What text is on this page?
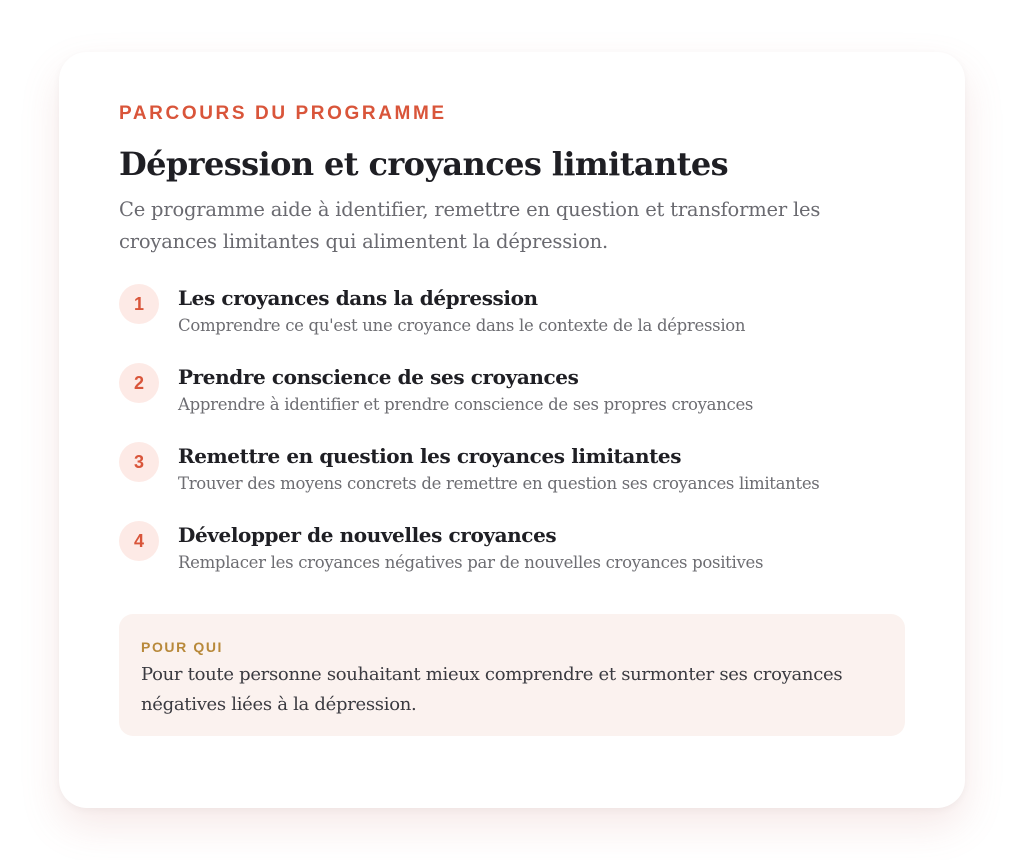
PARCOURS DU PROGRAMME

Dépression et croyances limitantes

Ce programme aide à identifier, remettre en question et transformer les croyances limitantes qui alimentent la dépression.

1	Les croyances dans la dépression
Comprendre ce qu'est une croyance dans le contexte de la dépression
2	Prendre conscience de ses croyances
Apprendre à identifier et prendre conscience de ses propres croyances
3	Remettre en question les croyances limitantes
Trouver des moyens concrets de remettre en question ses croyances limitantes
4	Développer de nouvelles croyances
Remplacer les croyances négatives par de nouvelles croyances positives
POUR QUI
Pour toute personne souhaitant mieux comprendre et surmonter ses croyances négatives liées à la dépression.
